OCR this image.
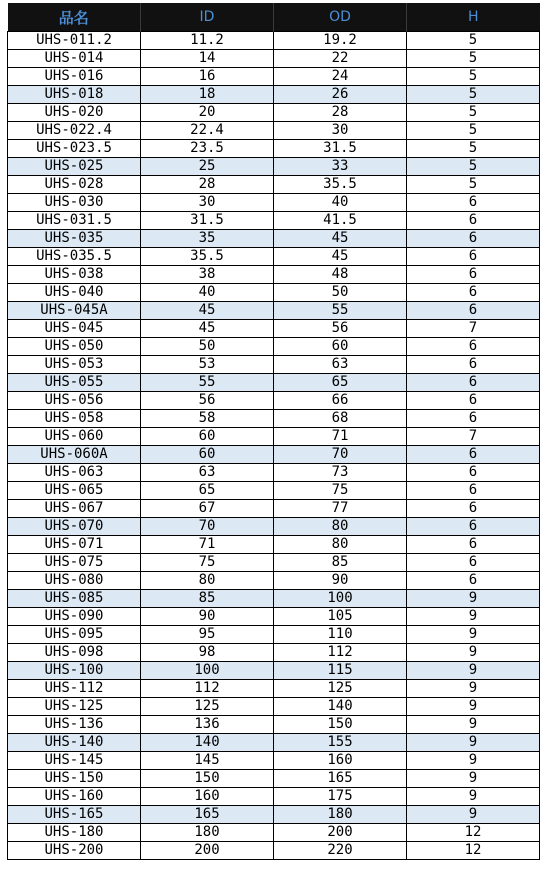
品名	ID	OD	H
UHS-011.2	11.2	19.2	5
UHS-014	14	22	5
UHS-016	16	24	5
UHS-018	18	26	5
UHS-020	20	28	5
UHS-022.4	22.4	30	5
UHS-023.5	23.5	31.5	5
UHS-025	25	33	5
UHS-028	28	35.5	5
UHS-030	30	40	6
UHS-031.5	31.5	41.5	6
UHS-035	35	45	6
UHS-035.5	35.5	45	6
UHS-038	38	48	6
UHS-040	40	50	6
UHS-045A	45	55	6
UHS-045	45	56	7
UHS-050	50	60	6
UHS-053	53	63	6
UHS-055	55	65	6
UHS-056	56	66	6
UHS-058	58	68	6
UHS-060	60	71	7
UHS-060A	60	70	6
UHS-063	63	73	6
UHS-065	65	75	6
UHS-067	67	77	6
UHS-070	70	80	6
UHS-071	71	80	6
UHS-075	75	85	6
UHS-080	80	90	6
UHS-085	85	100	9
UHS-090	90	105	9
UHS-095	95	110	9
UHS-098	98	112	9
UHS-100	100	115	9
UHS-112	112	125	9
UHS-125	125	140	9
UHS-136	136	150	9
UHS-140	140	155	9
UHS-145	145	160	9
UHS-150	150	165	9
UHS-160	160	175	9
UHS-165	165	180	9
UHS-180	180	200	12
UHS-200	200	220	12
